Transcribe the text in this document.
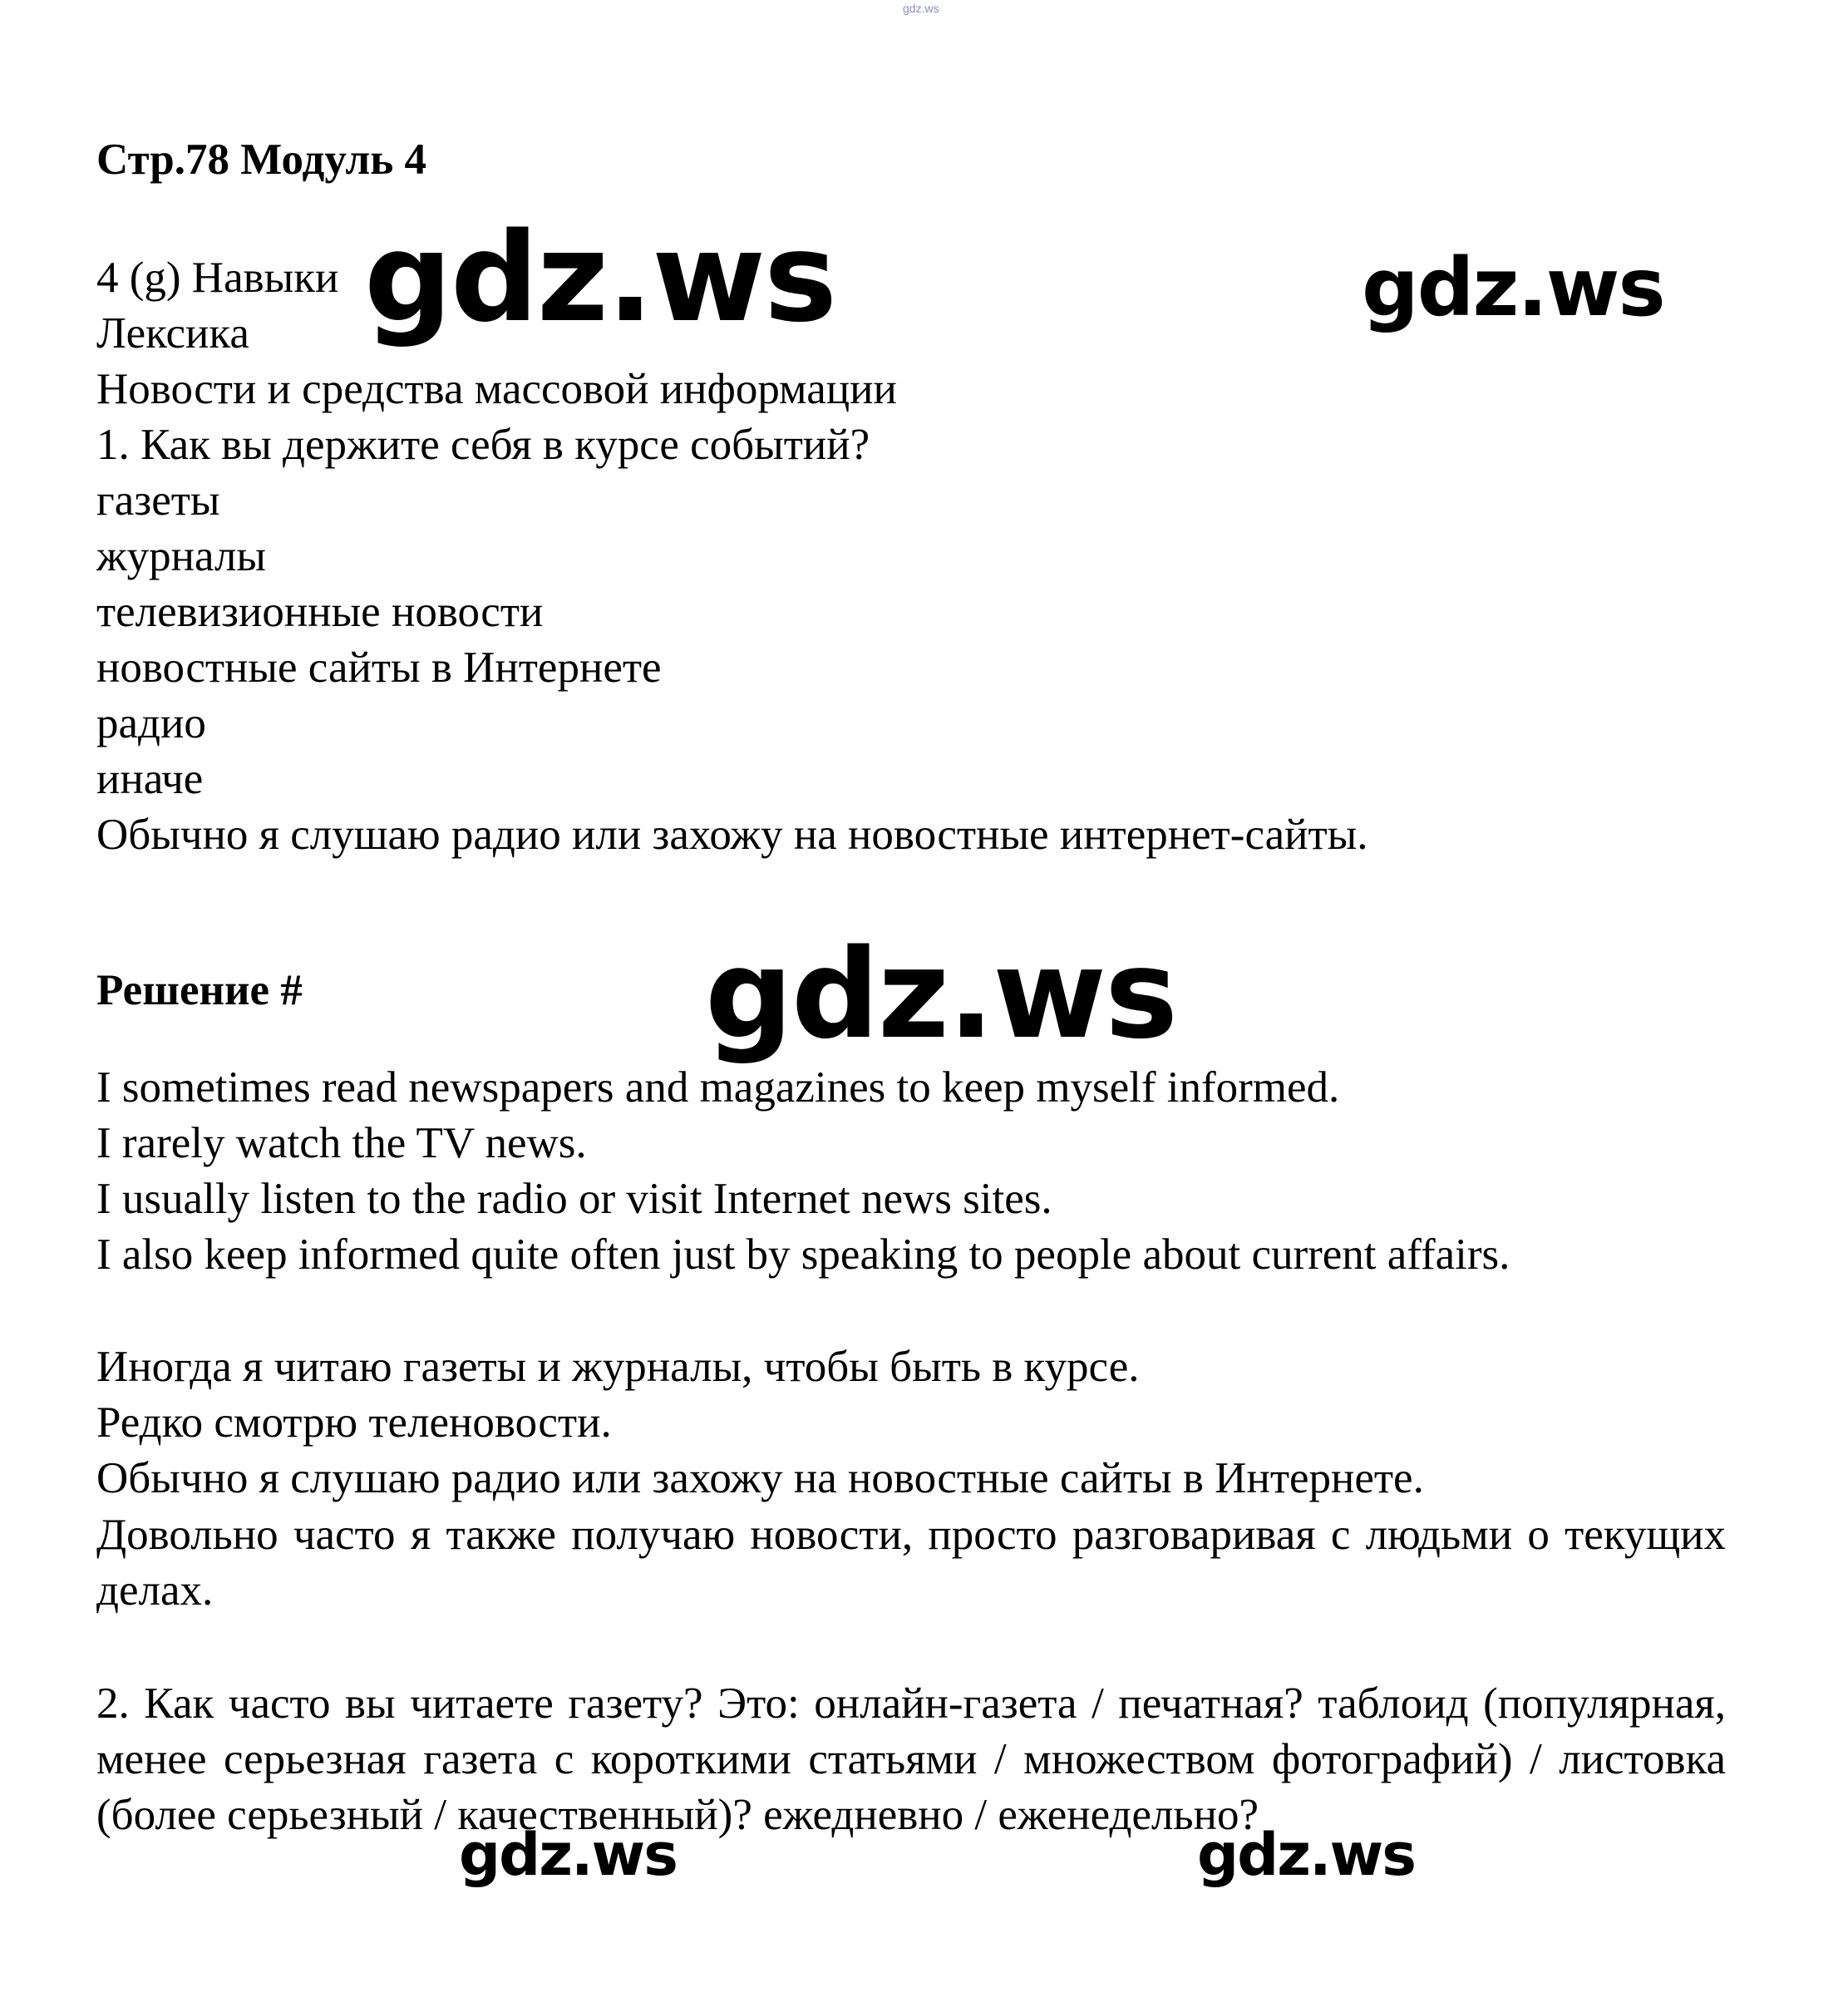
gdz.ws
Стр.78 Модуль 4
4 (g) Навыки
Лексика
Новости и средства массовой информации
1. Как вы держите себя в курсе событий?
газеты
журналы
телевизионные новости
новостные сайты в Интернете
радио
иначе
Обычно я слушаю радио или захожу на новостные интернет-сайты.
Решение #
I sometimes read newspapers and magazines to keep myself informed.
I rarely watch the TV news.
I usually listen to the radio or visit Internet news sites.
I also keep informed quite often just by speaking to people about current affairs.
Иногда я читаю газеты и журналы, чтобы быть в курсе.
Редко смотрю теленовости.
Обычно я слушаю радио или захожу на новостные сайты в Интернете.
Довольно часто я также получаю новости, просто разговаривая с людьми о текущих делах.
2. Как часто вы читаете газету? Это: онлайн-газета / печатная? таблоид (популярная, менее серьезная газета с короткими статьями / множеством фотографий) / листовка (более серьезный / качественный)? ежедневно / еженедельно?
gdz.ws	gdz.ws
gdz.ws
gdz.ws	gdz.ws
